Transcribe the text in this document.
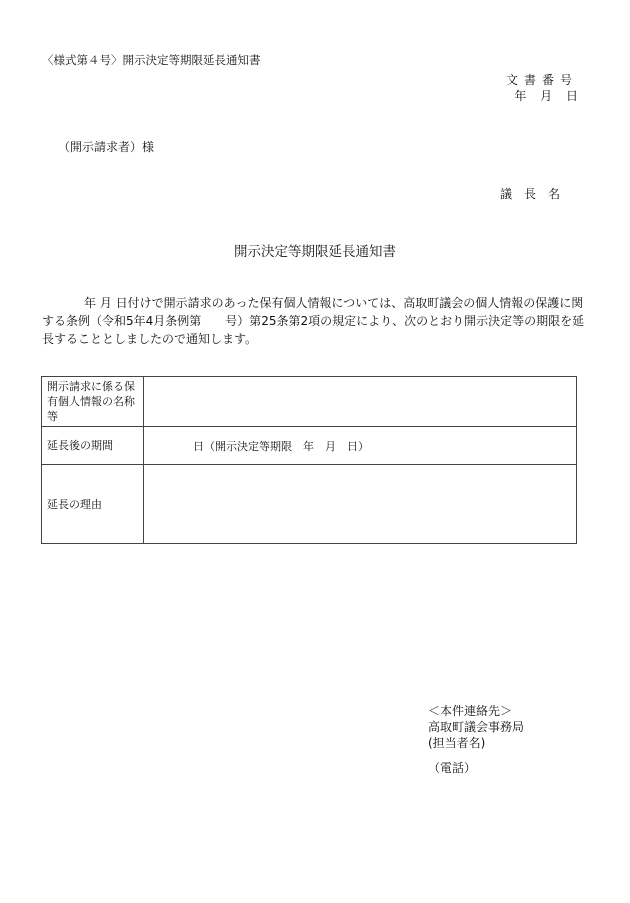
〈様式第４号〉開示決定等期限延長通知書
文書番号
年 月 日
（開示請求者）様
議長名
開示決定等期限延長通知書
年 月 日付けで開示請求のあった保有個人情報については、高取町議会の個人情報の保護に関する条例（令和5年4月条例第　　号）第25条第2項の規定により、次のとおり開示決定等の期限を延長することとしましたので通知します。
開示請求に係る保有個人情報の名称等	
延長後の期間	　　　　日（開示決定等期限　年　月　日）
延長の理由	
＜本件連絡先＞
高取町議会事務局
(担当者名)
（電話）
